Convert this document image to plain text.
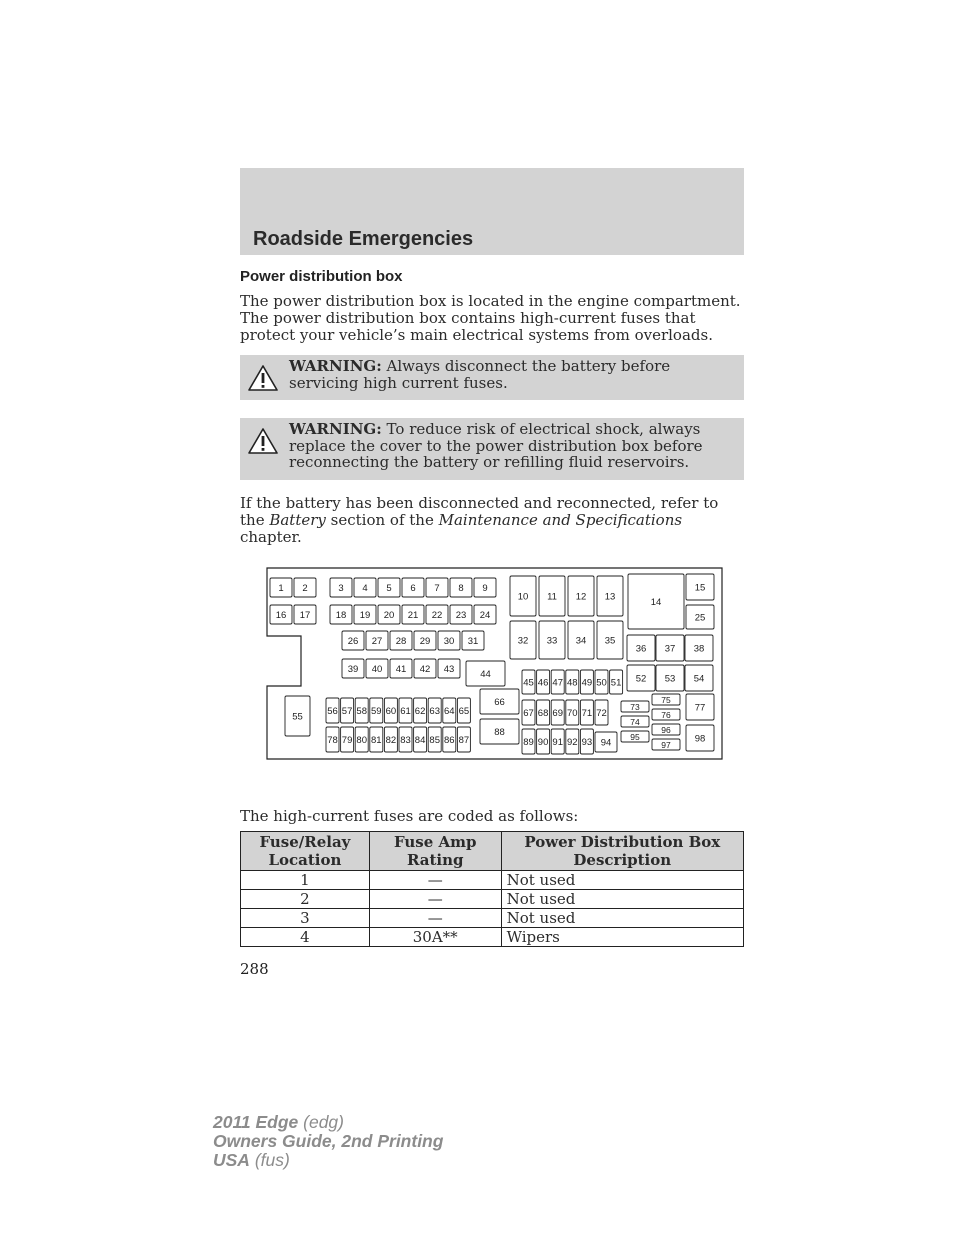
Roadside Emergencies
Power distribution box
The power distribution box is located in the engine compartment. The power distribution box contains high-current fuses that protect your vehicle’s main electrical systems from overloads.
WARNING: Always disconnect the battery before servicing high current fuses.
WARNING: To reduce risk of electrical shock, always replace the cover to the power distribution box before reconnecting the battery or refilling fluid reservoirs.
If the battery has been disconnected and reconnected, refer to the Battery section of the Maintenance and Specifications chapter.
1 2	3 4 5 6 7 8 9
16 17	18 19 20 21 22 23 24
26 27 28 29 30 31
39 40 41 42 43	44
10 11 12 13	14
15
25
32 33 34 35
36 37 38
45 46 47 48 49 50 51 52 53 54
55	56 57 58 59 60 61 62 63 64 65
66
67 68 69 70 71 72
73
74
75
76
77
78 79 80 81 82 83 84 85 86 87
88
89 90 91 92 93 94
95
96
97
98
The high-current fuses are coded as follows:
Fuse/Relay Location	Fuse Amp Rating	Power Distribution Box Description
1	—	Not used
2	—	Not used
3	—	Not used
4	30A**	Wipers
288
2011 Edge (edg)
Owners Guide, 2nd Printing
USA (fus)
